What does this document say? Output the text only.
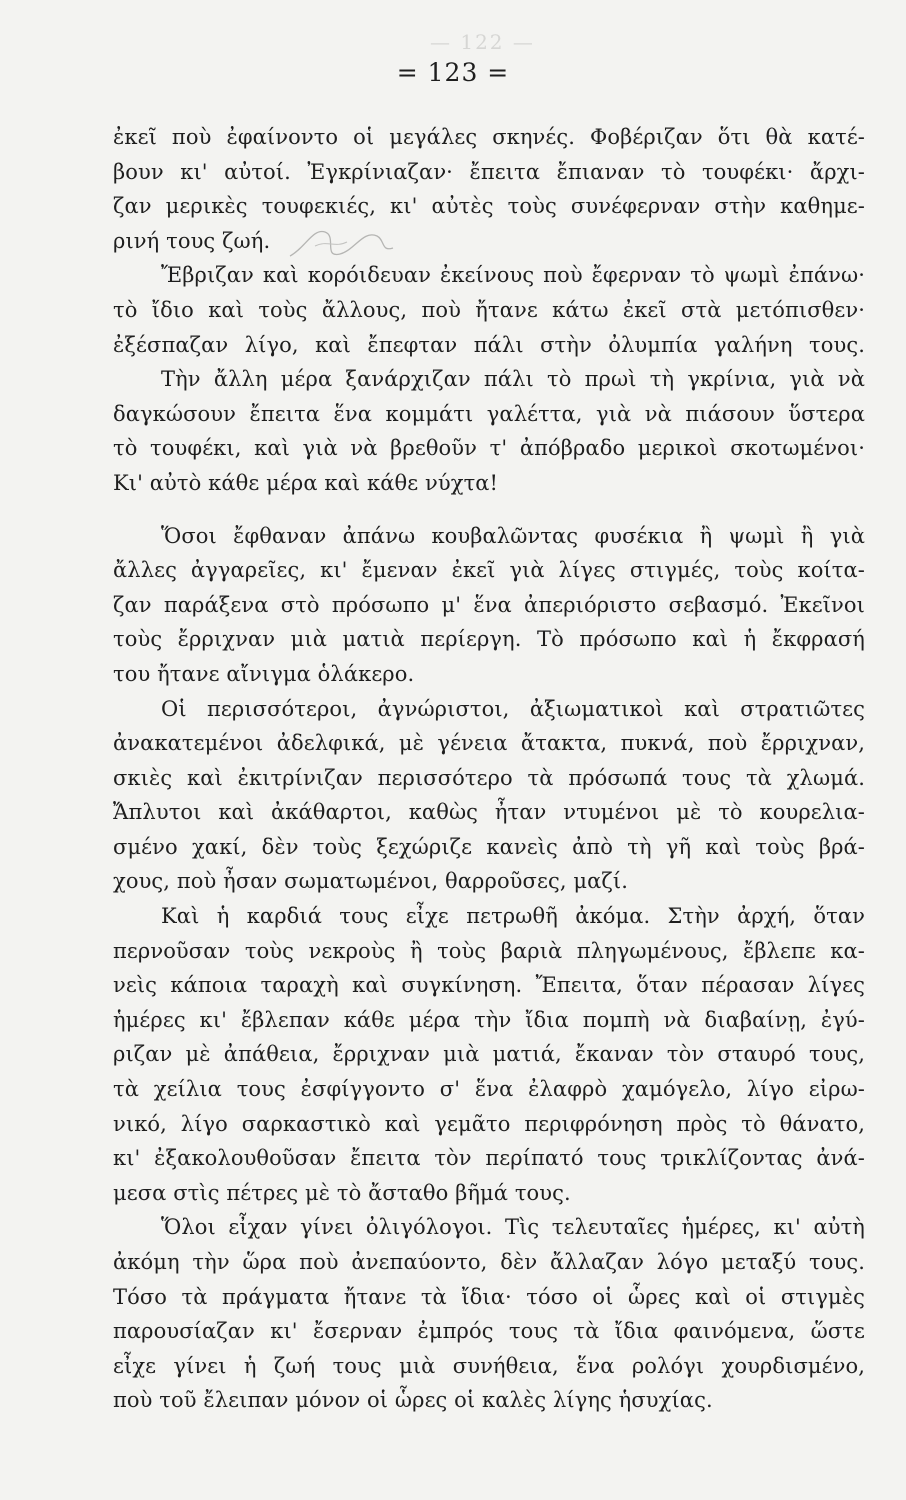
— 122 —
= 123 =
ἐκεῖ ποὺ ἐφαίνοντο οἱ μεγάλες σκηνές. Φοβέριζαν ὅτι θὰ κατέ-
βουν κι' αὐτοί. Ἐγκρίνιαζαν· ἔπειτα ἔπιαναν τὸ τουφέκι· ἄρχι-
ζαν μερικὲς τουφεκιές, κι' αὐτὲς τοὺς συνέφερναν στὴν καθημε-
ρινή τους ζωή.
Ἔβριζαν καὶ κορόιδευαν ἐκείνους ποὺ ἔφερναν τὸ ψωμὶ ἐπάνω·
τὸ ἴδιο καὶ τοὺς ἄλλους, ποὺ ἤτανε κάτω ἐκεῖ στὰ μετόπισθεν·
ἐξέσπαζαν λίγο, καὶ ἔπεφταν πάλι στὴν ὀλυμπία γαλήνη τους.
Τὴν ἄλλη μέρα ξανάρχιζαν πάλι τὸ πρωὶ τὴ γκρίνια, γιὰ νὰ
δαγκώσουν ἔπειτα ἕνα κομμάτι γαλέττα, γιὰ νὰ πιάσουν ὕστερα
τὸ τουφέκι, καὶ γιὰ νὰ βρεθοῦν τ' ἀπόβραδο μερικοὶ σκοτωμένοι·
Κι' αὐτὸ κάθε μέρα καὶ κάθε νύχτα!
Ὅσοι ἔφθαναν ἀπάνω κουβαλῶντας φυσέκια ἢ ψωμὶ ἢ γιὰ
ἄλλες ἀγγαρεῖες, κι' ἔμεναν ἐκεῖ γιὰ λίγες στιγμές, τοὺς κοίτα-
ζαν παράξενα στὸ πρόσωπο μ' ἕνα ἀπεριόριστο σεβασμό. Ἐκεῖνοι
τοὺς ἔρριχναν μιὰ ματιὰ περίεργη. Τὸ πρόσωπο καὶ ἡ ἔκφρασή
του ἤτανε αἴνιγμα ὁλάκερο.
Οἱ περισσότεροι, ἀγνώριστοι, ἀξιωματικοὶ καὶ στρατιῶτες
ἀνακατεμένοι ἀδελφικά, μὲ γένεια ἄτακτα, πυκνά, ποὺ ἔρριχναν,
σκιὲς καὶ ἐκιτρίνιζαν περισσότερο τὰ πρόσωπά τους τὰ χλωμά.
Ἄπλυτοι καὶ ἀκάθαρτοι, καθὼς ἦταν ντυμένοι μὲ τὸ κουρελια-
σμένο χακί, δὲν τοὺς ξεχώριζε κανεὶς ἀπὸ τὴ γῆ καὶ τοὺς βρά-
χους, ποὺ ἦσαν σωματωμένοι, θαρροῦσες, μαζί.
Καὶ ἡ καρδιά τους εἶχε πετρωθῆ ἀκόμα. Στὴν ἀρχή, ὅταν
περνοῦσαν τοὺς νεκροὺς ἢ τοὺς βαριὰ πληγωμένους, ἔβλεπε κα-
νεὶς κάποια ταραχὴ καὶ συγκίνηση. Ἔπειτα, ὅταν πέρασαν λίγες
ἡμέρες κι' ἔβλεπαν κάθε μέρα τὴν ἴδια πομπὴ νὰ διαβαίνῃ, ἐγύ-
ριζαν μὲ ἀπάθεια, ἔρριχναν μιὰ ματιά, ἔκαναν τὸν σταυρό τους,
τὰ χείλια τους ἐσφίγγοντο σ' ἕνα ἐλαφρὸ χαμόγελο, λίγο εἰρω-
νικό, λίγο σαρκαστικὸ καὶ γεμᾶτο περιφρόνηση πρὸς τὸ θάνατο,
κι' ἐξακολουθοῦσαν ἔπειτα τὸν περίπατό τους τρικλίζοντας ἀνά-
μεσα στὶς πέτρες μὲ τὸ ἄσταθο βῆμά τους.
Ὅλοι εἶχαν γίνει ὀλιγόλογοι. Τὶς τελευταῖες ἡμέρες, κι' αὐτὴ
ἀκόμη τὴν ὥρα ποὺ ἀνεπαύοντο, δὲν ἄλλαζαν λόγο μεταξύ τους.
Τόσο τὰ πράγματα ἤτανε τὰ ἴδια· τόσο οἱ ὧρες καὶ οἱ στιγμὲς
παρουσίαζαν κι' ἔσερναν ἐμπρός τους τὰ ἴδια φαινόμενα, ὥστε
εἶχε γίνει ἡ ζωή τους μιὰ συνήθεια, ἕνα ρολόγι χουρδισμένο,
ποὺ τοῦ ἔλειπαν μόνον οἱ ὧρες οἱ καλὲς λίγης ἡσυχίας.
